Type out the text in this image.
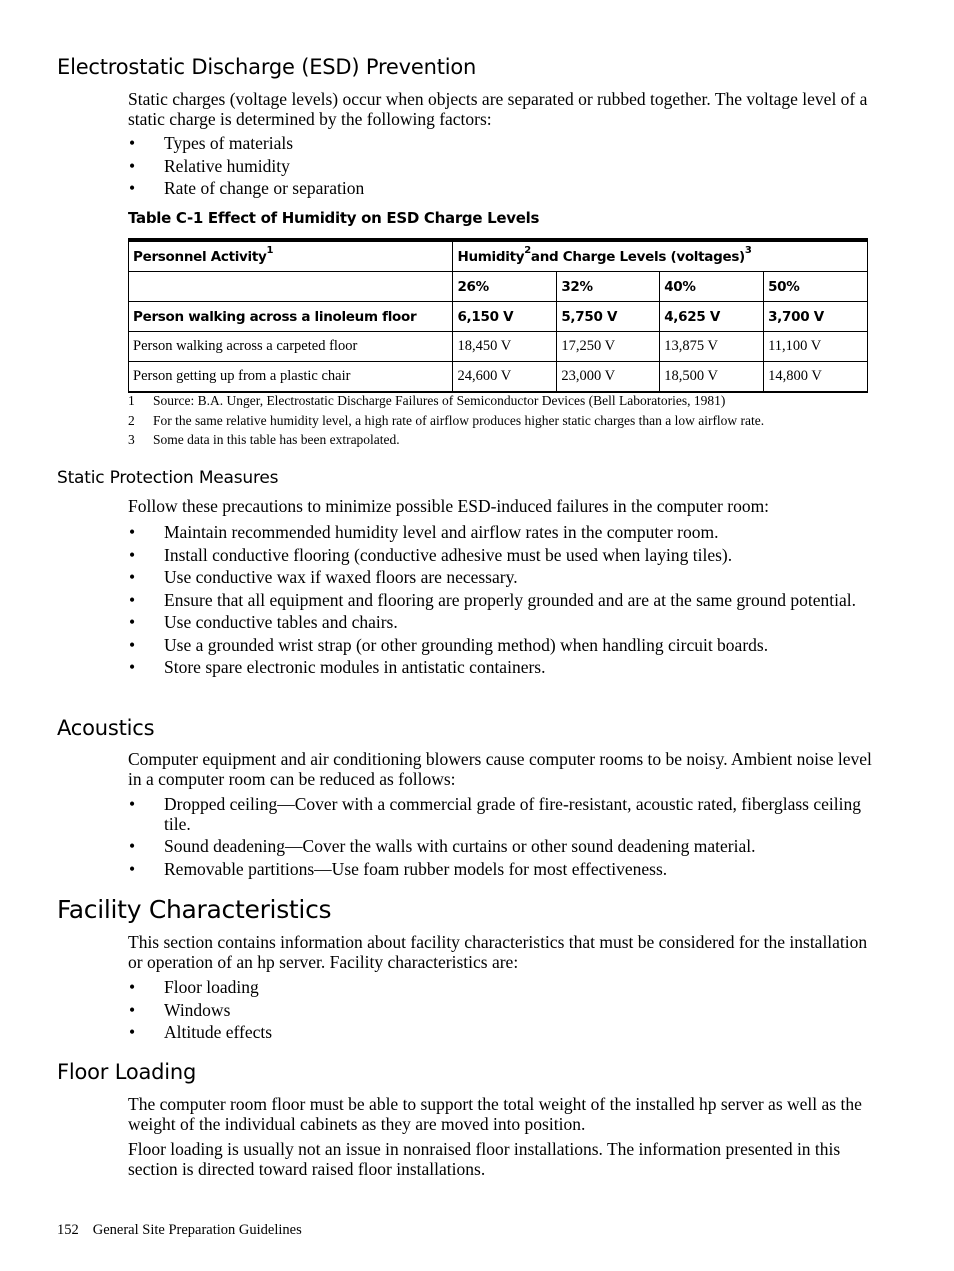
Electrostatic Discharge (ESD) Prevention

Static charges (voltage levels) occur when objects are separated or rubbed together. The voltage level of a static charge is determined by the following factors:

• Types of materials
• Relative humidity
• Rate of change or separation

Table C-1 Effect of Humidity on ESD Charge Levels

Personnel Activity$^1$	Humidity$^2$and Charge Levels (voltages)$^3$
	26%	32%	40%	50%
Person walking across a linoleum floor	6,150 V	5,750 V	4,625 V	3,700 V
Person walking across a carpeted floor	18,450 V	17,250 V	13,875 V	11,100 V
Person getting up from a plastic chair	24,600 V	23,000 V	18,500 V	14,800 V

1 Source: B.A. Unger, Electrostatic Discharge Failures of Semiconductor Devices (Bell Laboratories, 1981)

2 For the same relative humidity level, a high rate of airflow produces higher static charges than a low airflow rate.

3 Some data in this table has been extrapolated.

Static Protection Measures

Follow these precautions to minimize possible ESD-induced failures in the computer room:

• Maintain recommended humidity level and airflow rates in the computer room.
• Install conductive flooring (conductive adhesive must be used when laying tiles).
• Use conductive wax if waxed floors are necessary.
• Ensure that all equipment and flooring are properly grounded and are at the same ground potential.
• Use conductive tables and chairs.
• Use a grounded wrist strap (or other grounding method) when handling circuit boards.
• Store spare electronic modules in antistatic containers.
Acoustics

Computer equipment and air conditioning blowers cause computer rooms to be noisy. Ambient noise level in a computer room can be reduced as follows:

• Dropped ceiling—Cover with a commercial grade of fire-resistant, acoustic rated, fiberglass ceiling tile.
• Sound deadening—Cover the walls with curtains or other sound deadening material.
• Removable partitions—Use foam rubber models for most effectiveness.
Facility Characteristics

This section contains information about facility characteristics that must be considered for the installation or operation of an hp server. Facility characteristics are:

• Floor loading
• Windows
• Altitude effects
Floor Loading

The computer room floor must be able to support the total weight of the installed hp server as well as the weight of the individual cabinets as they are moved into position.

Floor loading is usually not an issue in nonraised floor installations. The information presented in this section is directed toward raised floor installations.

152 General Site Preparation Guidelines
